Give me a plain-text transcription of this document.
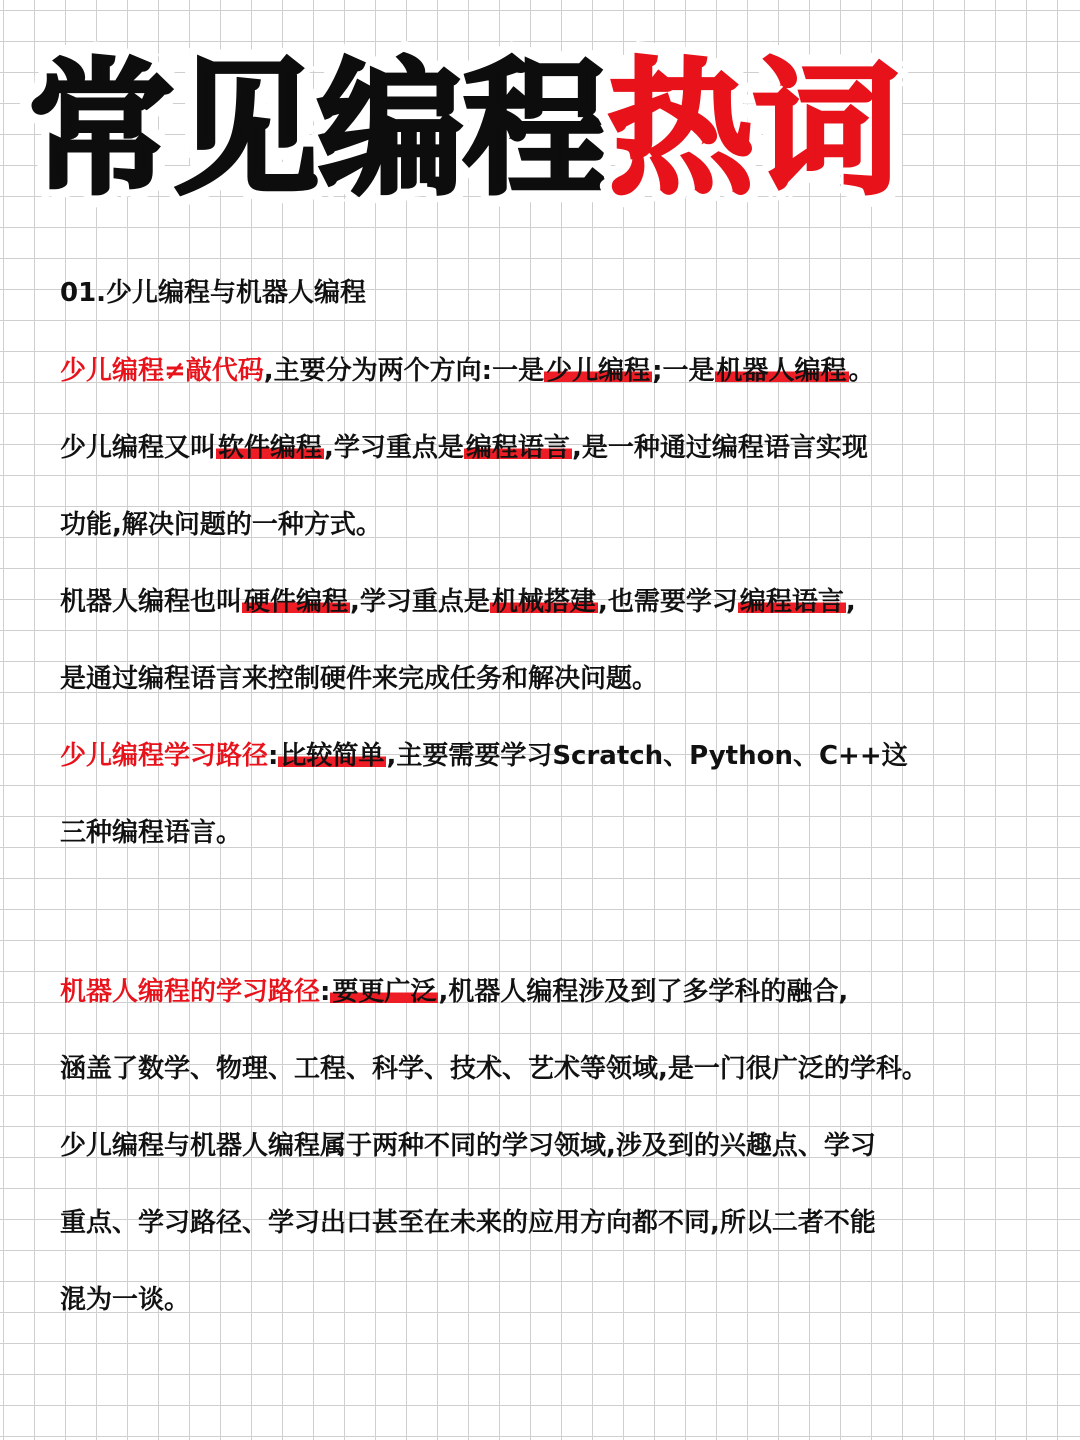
常见编程热词
01.少儿编程与机器人编程
少儿编程≠敲代码,主要分为两个方向:一是少儿编程;一是机器人编程。
少儿编程又叫软件编程,学习重点是编程语言,是一种通过编程语言实现
功能,解决问题的一种方式。
机器人编程也叫硬件编程,学习重点是机械搭建,也需要学习编程语言,
是通过编程语言来控制硬件来完成任务和解决问题。
少儿编程学习路径:比较简单,主要需要学习Scratch、Python、C++这
三种编程语言。
机器人编程的学习路径:要更广泛,机器人编程涉及到了多学科的融合,
涵盖了数学、物理、工程、科学、技术、艺术等领域,是一门很广泛的学科。
少儿编程与机器人编程属于两种不同的学习领域,涉及到的兴趣点、学习
重点、学习路径、学习出口甚至在未来的应用方向都不同,所以二者不能
混为一谈。
